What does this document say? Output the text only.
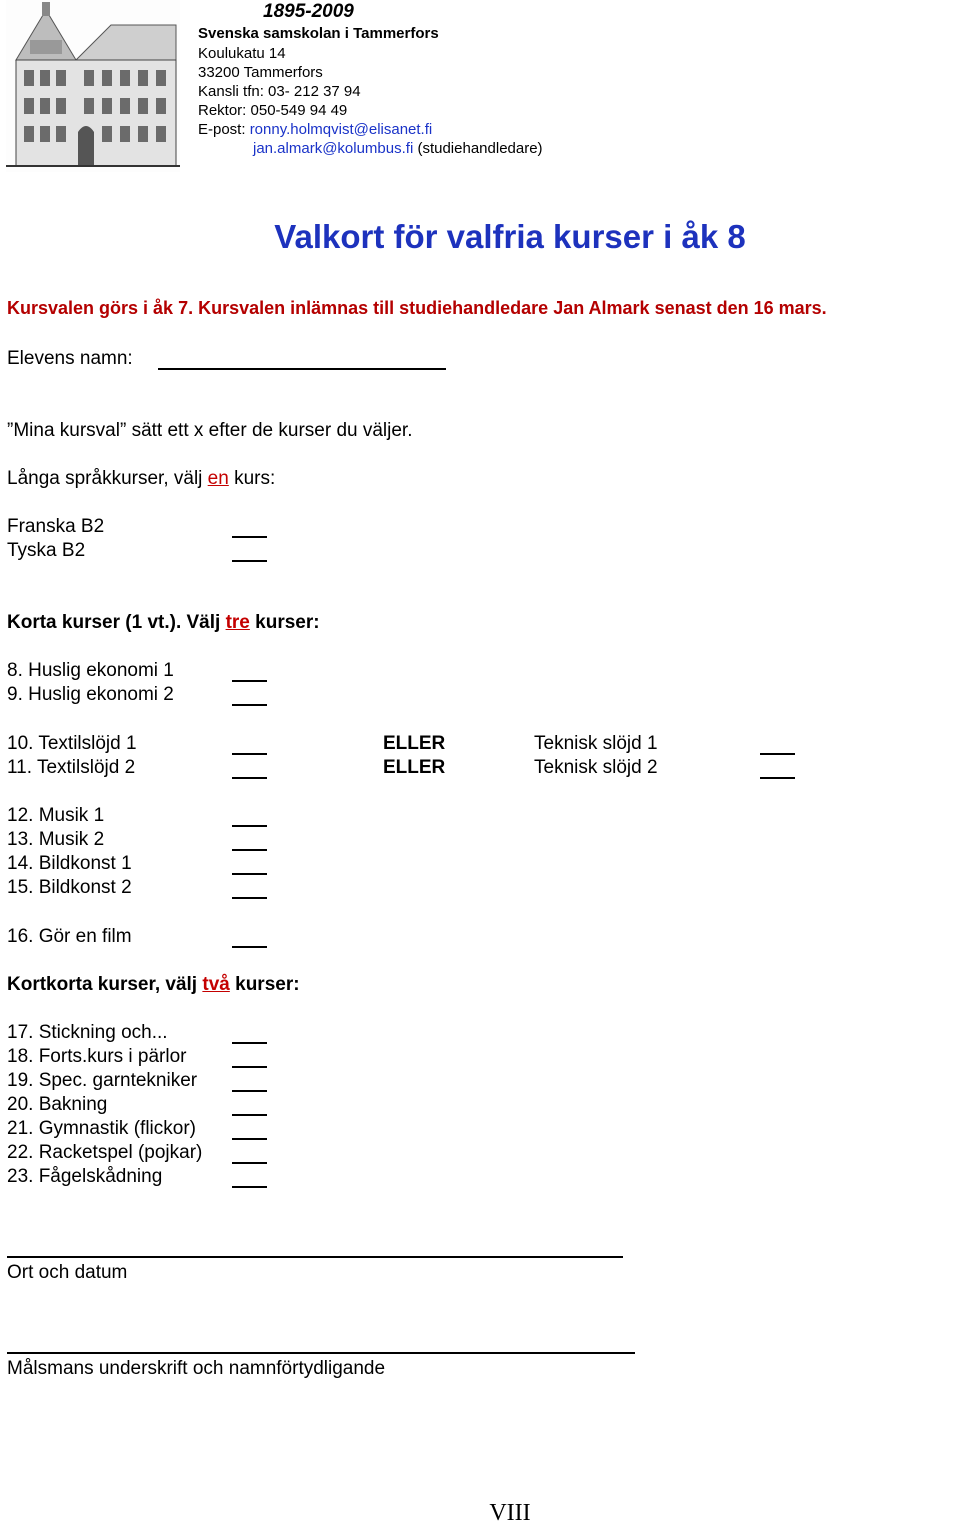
1895-2009
Svenska samskolan i Tammerfors
Koulukatu 14
33200 Tammerfors
Kansli tfn: 03- 212 37 94
Rektor: 050-549 94 49
E-post: ronny.holmqvist@elisanet.fi
jan.almark@kolumbus.fi (studiehandledare)
Valkort för valfria kurser i åk 8
Kursvalen görs i åk 7. Kursvalen inlämnas till studiehandledare Jan Almark senast den 16 mars.
Elevens namn:
”Mina kursval” sätt ett x efter de kurser du väljer.
Långa språkkurser, välj en kurs:
Franska B2
Tyska B2
Korta kurser (1 vt.). Välj tre kurser:
8. Huslig ekonomi 1
9. Huslig ekonomi 2
10. Textilslöjd 1	ELLER	Teknisk slöjd 1
11. Textilslöjd 2	ELLER	Teknisk slöjd 2
12. Musik 1
13. Musik 2
14. Bildkonst 1
15. Bildkonst 2
16. Gör en film
Kortkorta kurser, välj två kurser:
17. Stickning och...
18. Forts.kurs i pärlor
19. Spec. garntekniker
20. Bakning
21. Gymnastik (flickor)
22. Racketspel (pojkar)
23. Fågelskådning
Ort och datum
Målsmans underskrift och namnförtydligande
VIII
